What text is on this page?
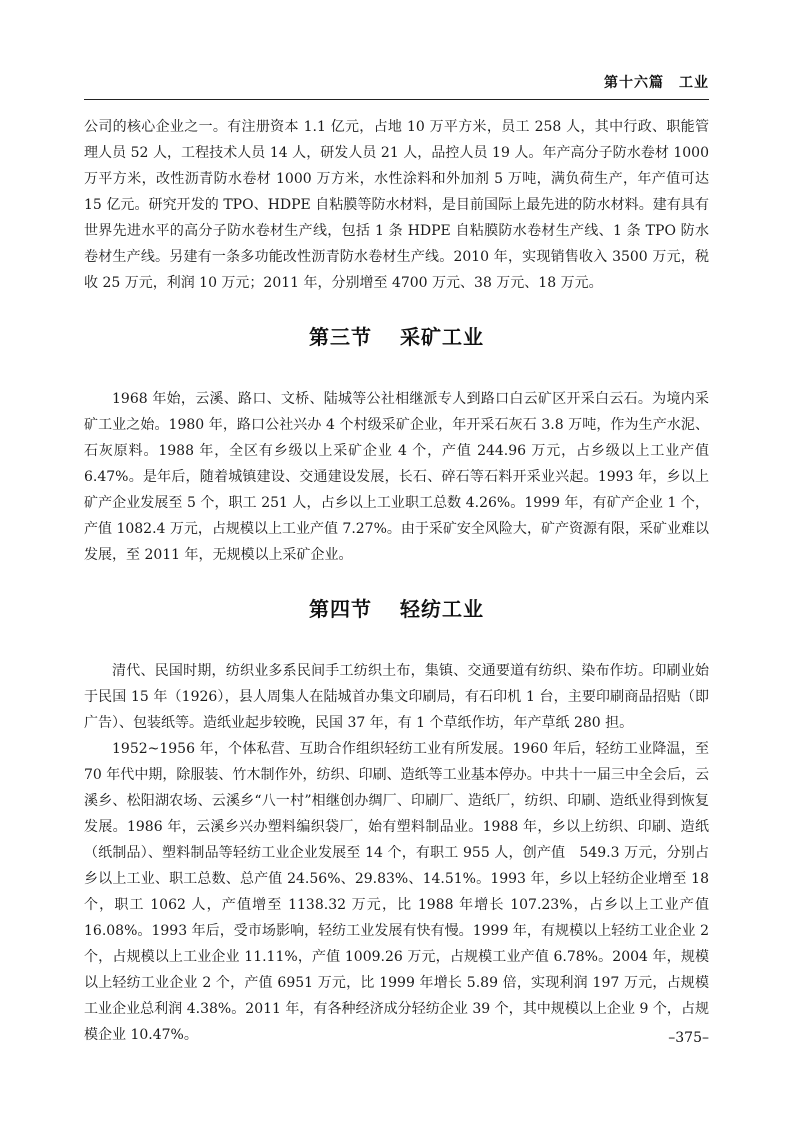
第十六篇　工业

公司的核心企业之一。有注册资本 1.1 亿元，占地 10 万平方米，员工 258 人，其中行政、职能管理人员 52 人，工程技术人员 14 人，研发人员 21 人，品控人员 19 人。年产高分子防水卷材 1000 万平方米，改性沥青防水卷材 1000 万方米，水性涂料和外加剂 5 万吨，满负荷生产，年产值可达 15 亿元。研究开发的 TPO、HDPE 自粘膜等防水材料，是目前国际上最先进的防水材料。建有具有世界先进水平的高分子防水卷材生产线，包括 1 条 HDPE 自粘膜防水卷材生产线、1 条 TPO 防水卷材生产线。另建有一条多功能改性沥青防水卷材生产线。2010 年，实现销售收入 3500 万元，税收 25 万元，利润 10 万元；2011 年，分别增至 4700 万元、38 万元、18 万元。

第三节 采矿工业

1968 年始，云溪、路口、文桥、陆城等公社相继派专人到路口白云矿区开采白云石。为境内采矿工业之始。1980 年，路口公社兴办 4 个村级采矿企业，年开采石灰石 3.8 万吨，作为生产水泥、石灰原料。1988 年，全区有乡级以上采矿企业 4 个，产值 244.96 万元，占乡级以上工业产值 6.47%。是年后，随着城镇建设、交通建设发展，长石、碎石等石料开采业兴起。1993 年，乡以上矿产企业发展至 5 个，职工 251 人，占乡以上工业职工总数 4.26%。1999 年，有矿产企业 1 个，产值 1082.4 万元，占规模以上工业产值 7.27%。由于采矿安全风险大，矿产资源有限，采矿业难以发展，至 2011 年，无规模以上采矿企业。

第四节 轻纺工业

清代、民国时期，纺织业多系民间手工纺织土布，集镇、交通要道有纺织、染布作坊。印刷业始于民国 15 年（1926），县人周集人在陆城首办集文印刷局，有石印机 1 台，主要印刷商品招贴（即广告）、包装纸等。造纸业起步较晚，民国 37 年，有 1 个草纸作坊，年产草纸 280 担。

1952~1956 年，个体私营、互助合作组织轻纺工业有所发展。1960 年后，轻纺工业降温，至 70 年代中期，除服装、竹木制作外，纺织、印刷、造纸等工业基本停办。中共十一届三中全会后，云溪乡、松阳湖农场、云溪乡“八一村”相继创办绸厂、印刷厂、造纸厂，纺织、印刷、造纸业得到恢复发展。1986 年，云溪乡兴办塑料编织袋厂，始有塑料制品业。1988 年，乡以上纺织、印刷、造纸（纸制品）、塑料制品等轻纺工业企业发展至 14 个，有职工 955 人，创产值　549.3 万元，分别占乡以上工业、职工总数、总产值 24.56%、29.83%、14.51%。1993 年，乡以上轻纺企业增至 18 个，职工 1062 人，产值增至 1138.32 万元，比 1988 年增长 107.23%，占乡以上工业产值 16.08%。1993 年后，受市场影响，轻纺工业发展有快有慢。1999 年，有规模以上轻纺工业企业 2 个，占规模以上工业企业 11.11%，产值 1009.26 万元，占规模工业产值 6.78%。2004 年，规模以上轻纺工业企业 2 个，产值 6951 万元，比 1999 年增长 5.89 倍，实现利润 197 万元，占规模工业企业总利润 4.38%。2011 年，有各种经济成分轻纺企业 39 个，其中规模以上企业 9 个，占规模企业 10.47%。	–375–
